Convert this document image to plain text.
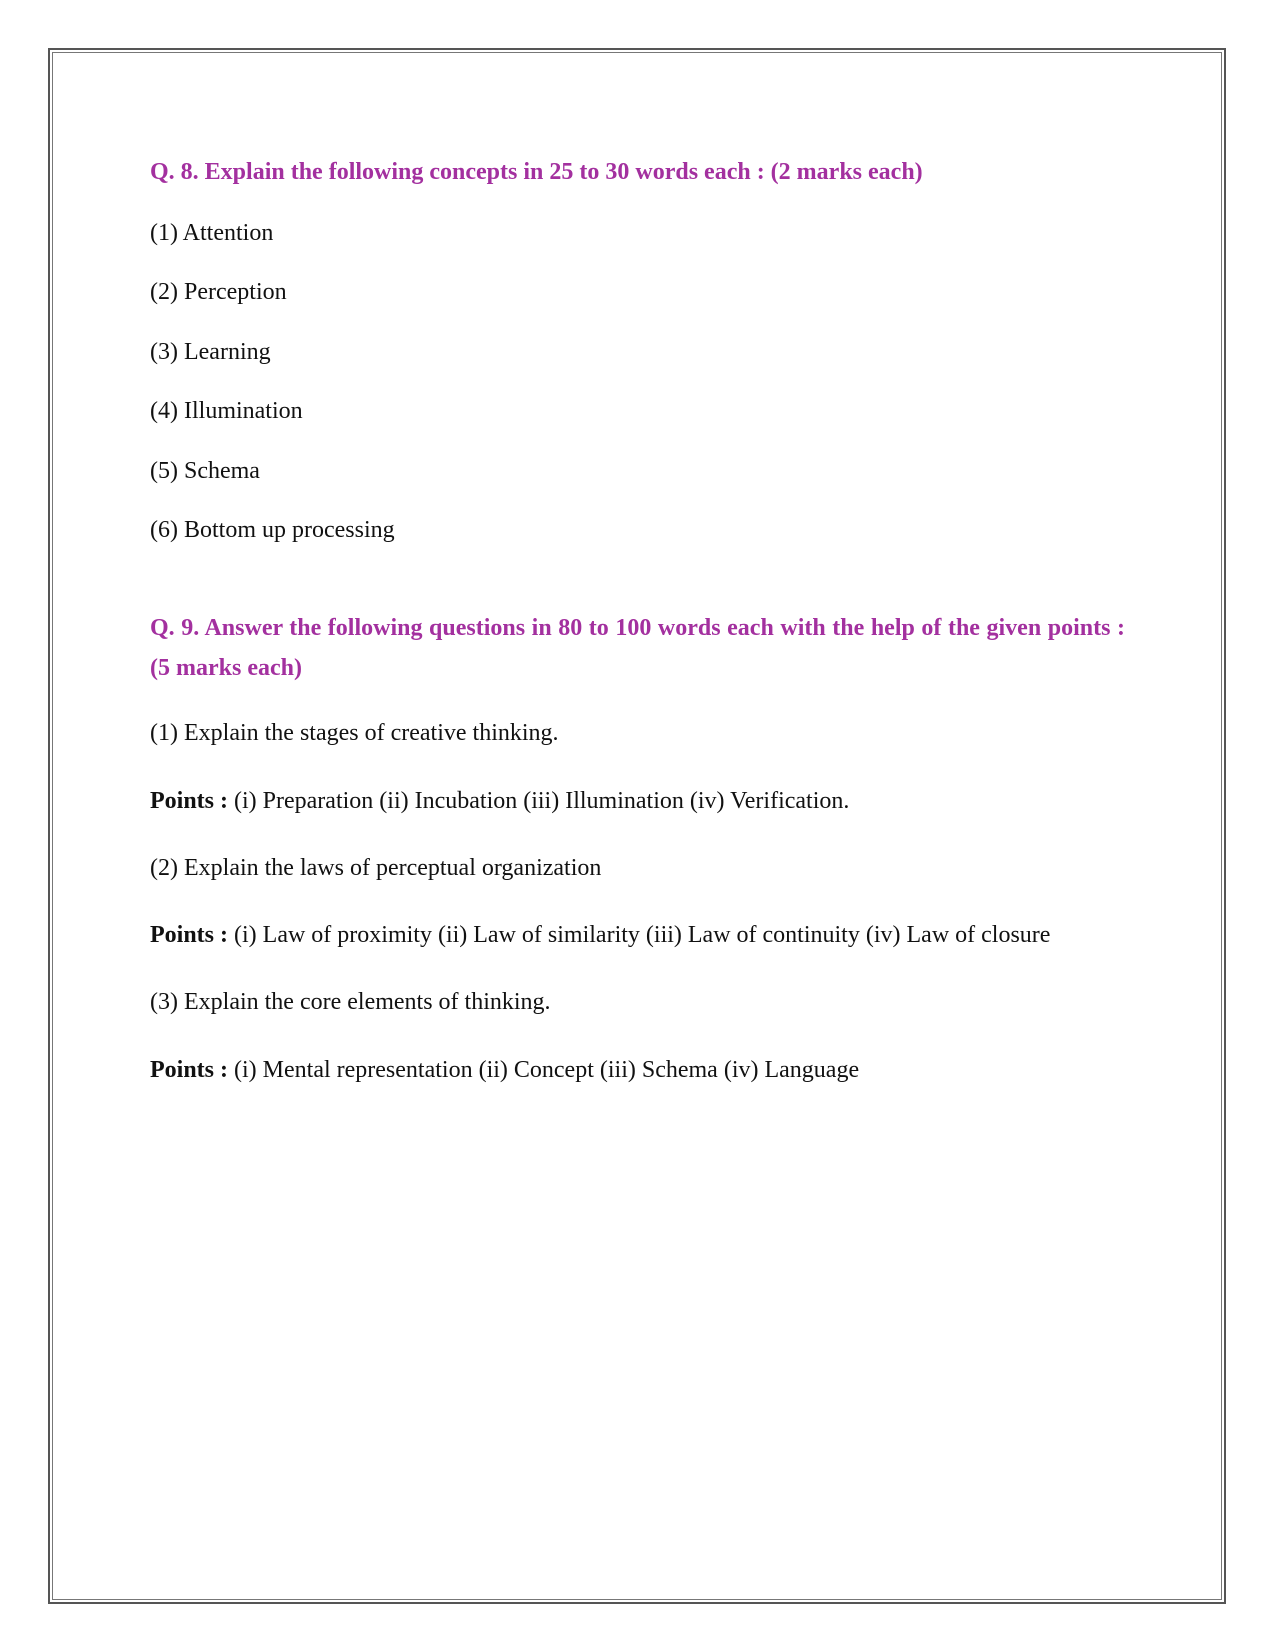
Q. 8. Explain the following concepts in 25 to 30 words each : (2 marks each)

(1) Attention

(2) Perception

(3) Learning

(4) Illumination

(5) Schema

(6) Bottom up processing

Q. 9. Answer the following questions in 80 to 100 words each with the help of the given points : (5 marks each)

(1) Explain the stages of creative thinking.

Points : (i) Preparation (ii) Incubation (iii) Illumination (iv) Verification.

(2) Explain the laws of perceptual organization

Points : (i) Law of proximity (ii) Law of similarity (iii) Law of continuity (iv) Law of closure

(3) Explain the core elements of thinking.

Points : (i) Mental representation (ii) Concept (iii) Schema (iv) Language
